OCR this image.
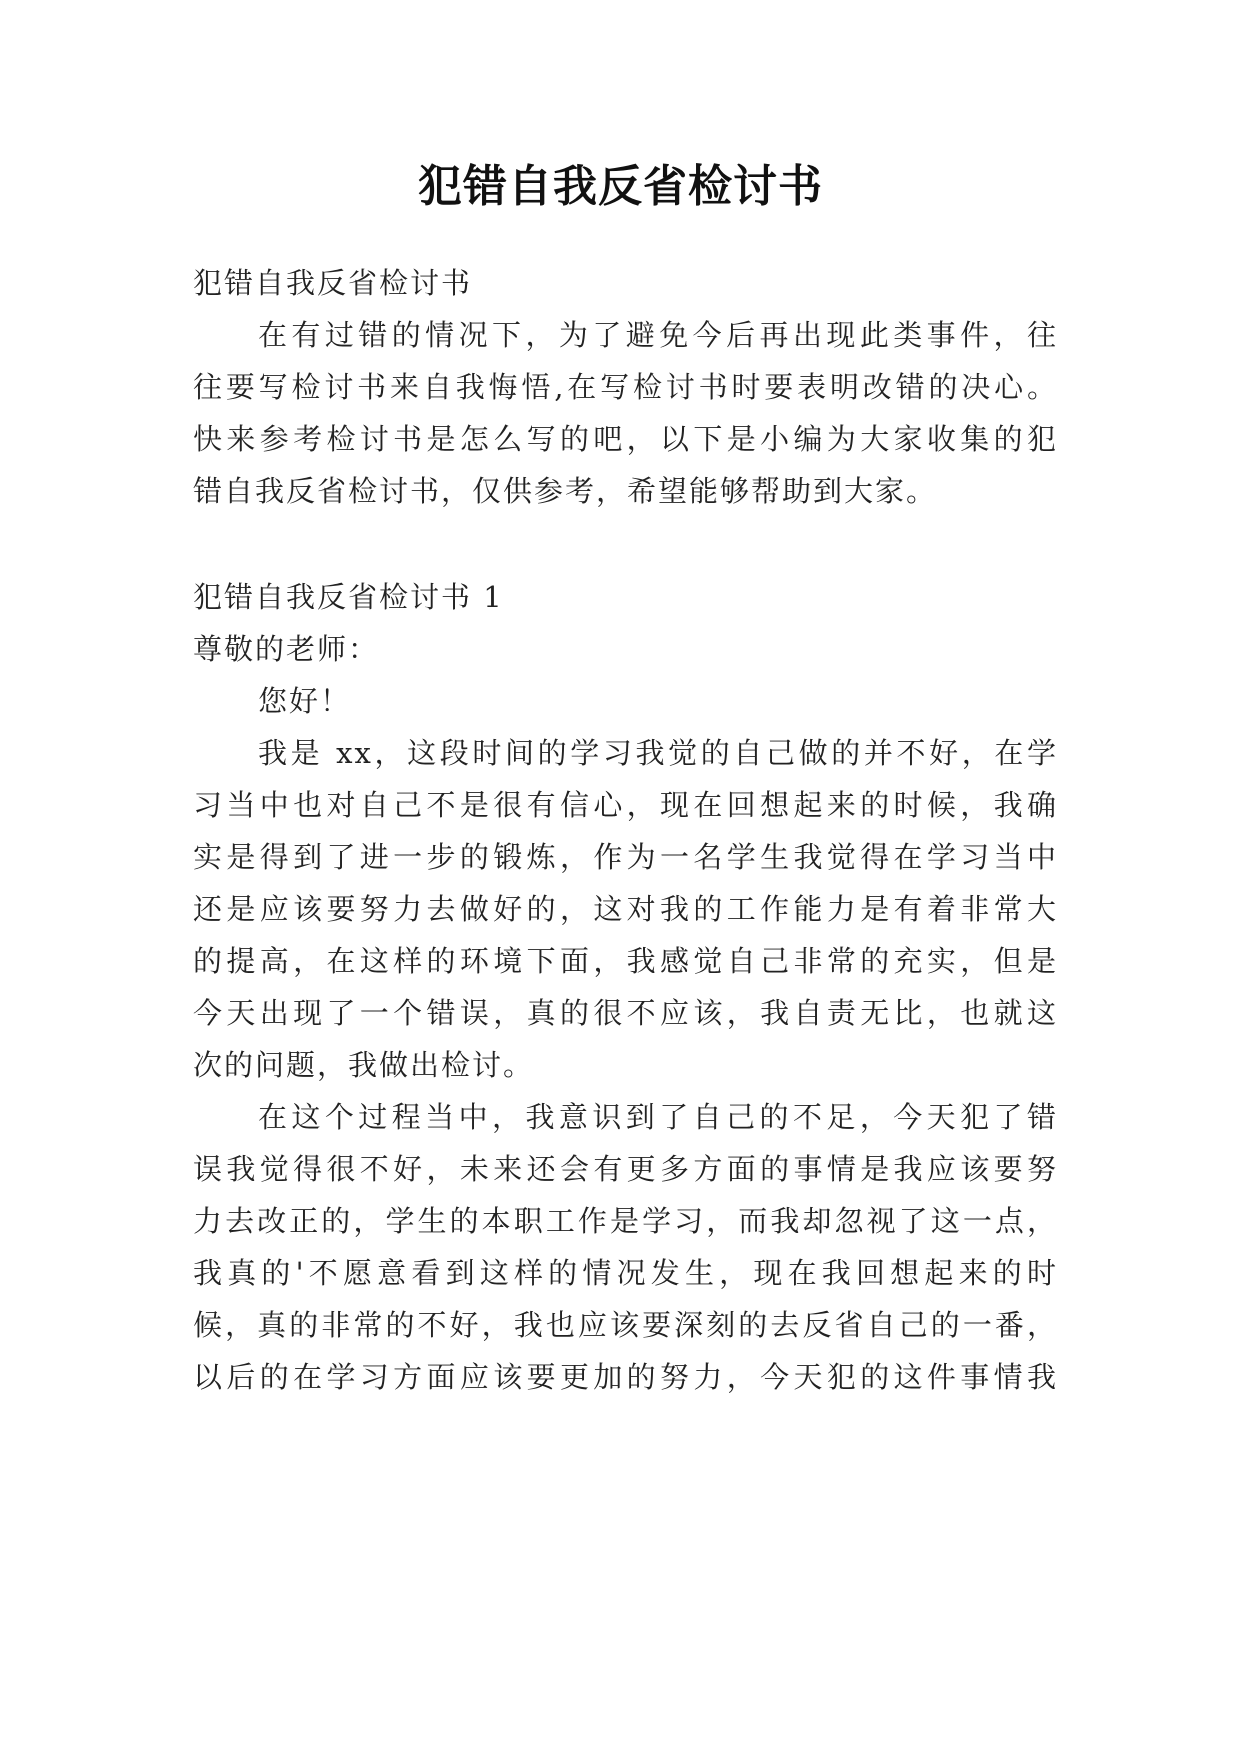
犯错自我反省检讨书
犯错自我反省检讨书
在有过错的情况下，为了避免今后再出现此类事件，往
往要写检讨书来自我悔悟,在写检讨书时要表明改错的决心。
快来参考检讨书是怎么写的吧，以下是小编为大家收集的犯
错自我反省检讨书，仅供参考，希望能够帮助到大家。
犯错自我反省检讨书 1
尊敬的老师：
您好！
我是 xx，这段时间的学习我觉的自己做的并不好，在学
习当中也对自己不是很有信心，现在回想起来的时候，我确
实是得到了进一步的锻炼，作为一名学生我觉得在学习当中
还是应该要努力去做好的，这对我的工作能力是有着非常大
的提高，在这样的环境下面，我感觉自己非常的充实，但是
今天出现了一个错误，真的很不应该，我自责无比，也就这
次的问题，我做出检讨。
在这个过程当中，我意识到了自己的不足，今天犯了错
误我觉得很不好，未来还会有更多方面的事情是我应该要努
力去改正的，学生的本职工作是学习，而我却忽视了这一点，
我真的'不愿意看到这样的情况发生，现在我回想起来的时
候，真的非常的不好，我也应该要深刻的去反省自己的一番，
以后的在学习方面应该要更加的努力，今天犯的这件事情我
